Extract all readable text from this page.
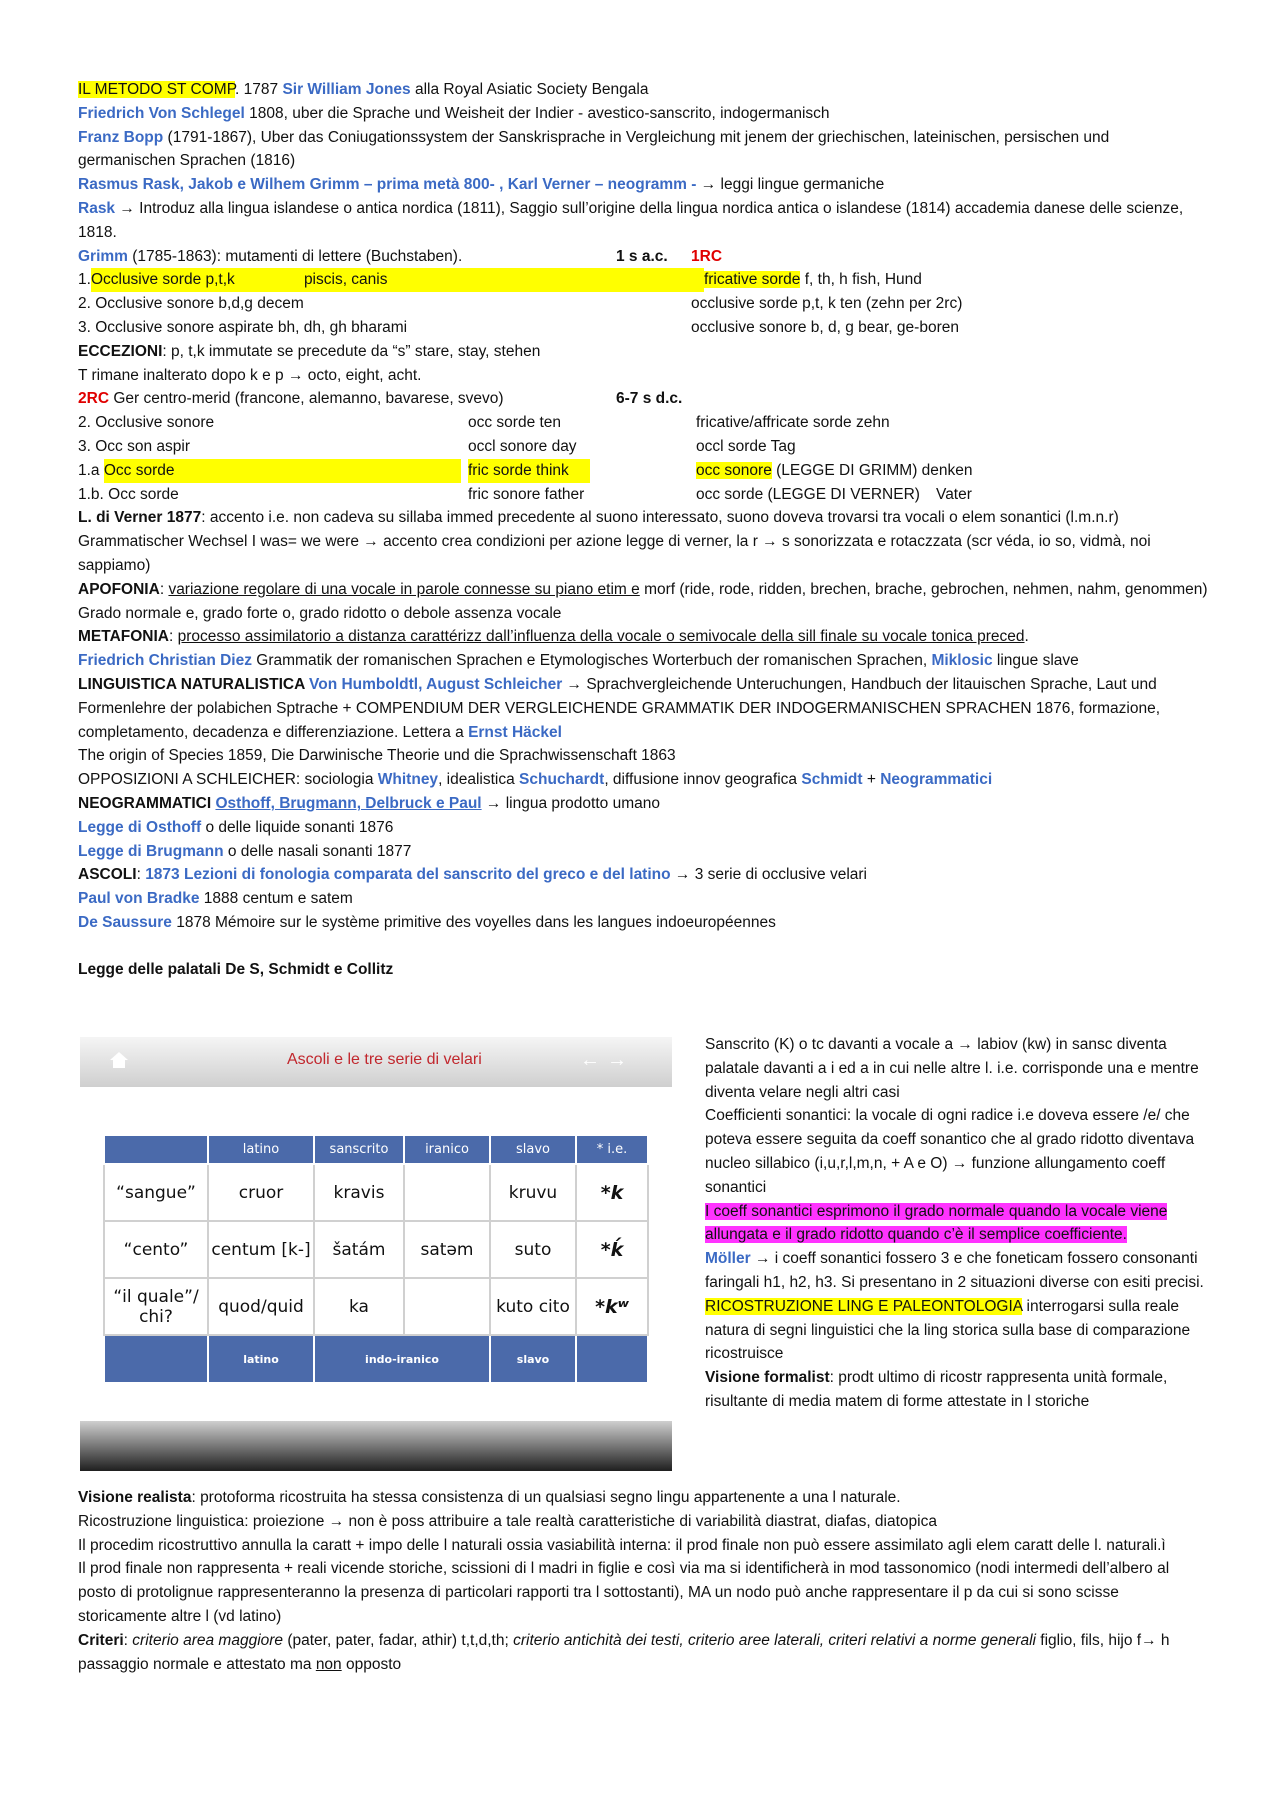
IL METODO ST COMP. 1787 Sir William Jones alla Royal Asiatic Society Bengala
Friedrich Von Schlegel 1808, uber die Sprache und Weisheit der Indier - avestico-sanscrito, indogermanisch
Franz Bopp (1791-1867), Uber das Coniugationssystem der Sanskrisprache in Vergleichung mit jenem der griechischen, lateinischen, persischen und germanischen Sprachen (1816)
Rasmus Rask, Jakob e Wilhem Grimm – prima metà 800- , Karl Verner – neogramm - → leggi lingue germaniche
Rask → Introduz alla lingua islandese o antica nordica (1811), Saggio sull’origine della lingua nordica antica o islandese (1814) accademia danese delle scienze, 1818.
Grimm (1785-1863): mutamenti di lettere (Buchstaben).	1 s a.c. 1RC
1.Occlusive sorde p,t,k	piscis, canis	fricative sorde f, th, h fish, Hund
2. Occlusive sonore b,d,g decem	occlusive sorde p,t, k ten (zehn per 2rc)
3. Occlusive sonore aspirate bh, dh, gh bharami	occlusive sonore b, d, g bear, ge-boren
ECCEZIONI: p, t,k immutate se precedute da “s” stare, stay, stehen
T rimane inalterato dopo k e p → octo, eight, acht.
2RC Ger centro-merid (francone, alemanno, bavarese, svevo)	6-7 s d.c.
2. Occlusive sonore	occ sorde ten	fricative/affricate sorde zehn
3. Occ son aspir	occl sonore day	occl sorde Tag
1.a Occ sorde	fric sorde think	occ sonore (LEGGE DI GRIMM) denken
1.b. Occ sorde	fric sonore father	occ sorde (LEGGE DI VERNER) Vater
L. di Verner 1877: accento i.e. non cadeva su sillaba immed precedente al suono interessato, suono doveva trovarsi tra vocali o elem sonantici (l.m.n.r)
Grammatischer Wechsel I was= we were → accento crea condizioni per azione legge di verner, la r → s sonorizzata e rotaczzata (scr véda, io so, vidmà, noi sappiamo)
APOFONIA: variazione regolare di una vocale in parole connesse su piano etim e morf (ride, rode, ridden, brechen, brache, gebrochen, nehmen, nahm, genommen)
Grado normale e, grado forte o, grado ridotto o debole assenza vocale
METAFONIA: processo assimilatorio a distanza carattérizz dall’influenza della vocale o semivocale della sill finale su vocale tonica preced.
Friedrich Christian Diez Grammatik der romanischen Sprachen e Etymologisches Worterbuch der romanischen Sprachen, Miklosic lingue slave
LINGUISTICA NATURALISTICA Von Humboldtl, August Schleicher → Sprachvergleichende Unteruchungen, Handbuch der litauischen Sprache, Laut und Formenlehre der polabichen Sptrache + COMPENDIUM DER VERGLEICHENDE GRAMMATIK DER INDOGERMANISCHEN SPRACHEN 1876, formazione, completamento, decadenza e differenziazione. Lettera a Ernst Häckel
The origin of Species 1859, Die Darwinische Theorie und die Sprachwissenschaft 1863
OPPOSIZIONI A SCHLEICHER: sociologia Whitney, idealistica Schuchardt, diffusione innov geografica Schmidt + Neogrammatici
NEOGRAMMATICI Osthoff, Brugmann, Delbruck e Paul → lingua prodotto umano
Legge di Osthoff o delle liquide sonanti 1876
Legge di Brugmann o delle nasali sonanti 1877
ASCOLI: 1873 Lezioni di fonologia comparata del sanscrito del greco e del latino → 3 serie di occlusive velari
Paul von Bradke 1888 centum e satem
De Saussure 1878 Mémoire sur le système primitive des voyelles dans les langues indoeuropéennes
Legge delle palatali De S, Schmidt e Collitz
Ascoli e le tre serie di velari	← →
	latino	sanscrito	iranico	slavo	* i.e.
“sangue”	cruor	kravis		kruvu	*k
“cento”	centum [k-]	šatám	satəm	suto	*ḱ
“il quale”/ chi?	quod/quid	ka		kuto cito	*kʷ
	latino	indo-iranico		slavo	
Sanscrito (K) o tc davanti a vocale a → labiov (kw) in sansc diventa palatale davanti a i ed a in cui nelle altre l. i.e. corrisponde una e mentre diventa velare negli altri casi
Coefficienti sonantici: la vocale di ogni radice i.e doveva essere /e/ che poteva essere seguita da coeff sonantico che al grado ridotto diventava nucleo sillabico (i,u,r,l,m,n, + A e O) → funzione allungamento coeff sonantici
I coeff sonantici esprimono il grado normale quando la vocale viene allungata e il grado ridotto quando c’è il semplice coefficiente.
Möller → i coeff sonantici fossero 3 e che foneticam fossero consonanti faringali h1, h2, h3. Si presentano in 2 situazioni diverse con esiti precisi.
RICOSTRUZIONE LING E PALEONTOLOGIA interrogarsi sulla reale natura di segni linguistici che la ling storica sulla base di comparazione ricostruisce
Visione formalist: prodt ultimo di ricostr rappresenta unità formale, risultante di media matem di forme attestate in l storiche
Visione realista: protoforma ricostruita ha stessa consistenza di un qualsiasi segno lingu appartenente a una l naturale.
Ricostruzione linguistica: proiezione → non è poss attribuire a tale realtà caratteristiche di variabilità diastrat, diafas, diatopica
Il procedim ricostruttivo annulla la caratt + impo delle l naturali ossia vasiabilità interna: il prod finale non può essere assimilato agli elem caratt delle l. naturali.ì
Il prod finale non rappresenta + reali vicende storiche, scissioni di l madri in figlie e così via ma si identificherà in mod tassonomico (nodi intermedi dell’albero al posto di protolignue rappresenteranno la presenza di particolari rapporti tra l sottostanti), MA un nodo può anche rappresentare il p da cui si sono scisse storicamente altre l (vd latino)
Criteri: criterio area maggiore (pater, pater, fadar, athir) t,t,d,th; criterio antichità dei testi, criterio aree laterali, criteri relativi a norme generali figlio, fils, hijo f→ h passaggio normale e attestato ma non opposto
